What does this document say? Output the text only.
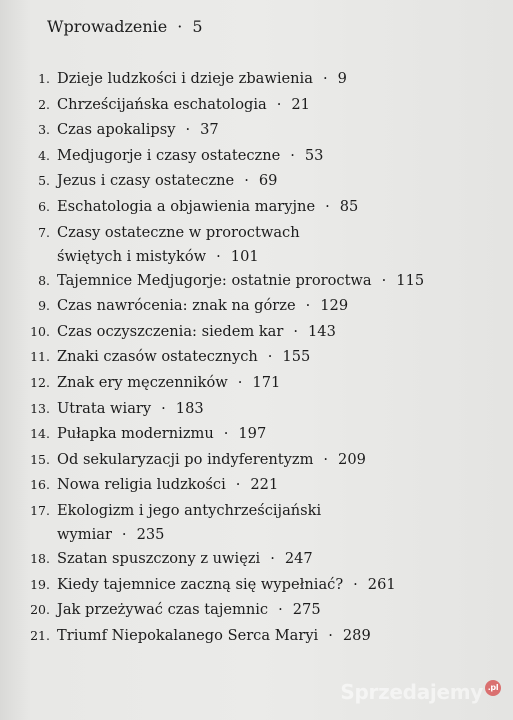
Wprowadzenie · 5
1. Dzieje ludzkości i dzieje zbawienia · 9
2. Chrześcijańska eschatologia · 21
3. Czas apokalipsy · 37
4. Medjugorje i czasy ostateczne · 53
5. Jezus i czasy ostateczne · 69
6. Eschatologia a objawienia maryjne · 85
7. Czasy ostateczne w proroctwach
świętych i mistyków · 101
8. Tajemnice Medjugorje: ostatnie proroctwa · 115
9. Czas nawrócenia: znak na górze · 129
10. Czas oczyszczenia: siedem kar · 143
11. Znaki czasów ostatecznych · 155
12. Znak ery męczenników · 171
13. Utrata wiary · 183
14. Pułapka modernizmu · 197
15. Od sekularyzacji po indyferentyzm · 209
16. Nowa religia ludzkości · 221
17. Ekologizm i jego antychrześcijański
wymiar · 235
18. Szatan spuszczony z uwięzi · 247
19. Kiedy tajemnice zaczną się wypełniać? · 261
20. Jak przeżywać czas tajemnic · 275
21. Triumf Niepokalanego Serca Maryi · 289
Sprzedajemy .pl
